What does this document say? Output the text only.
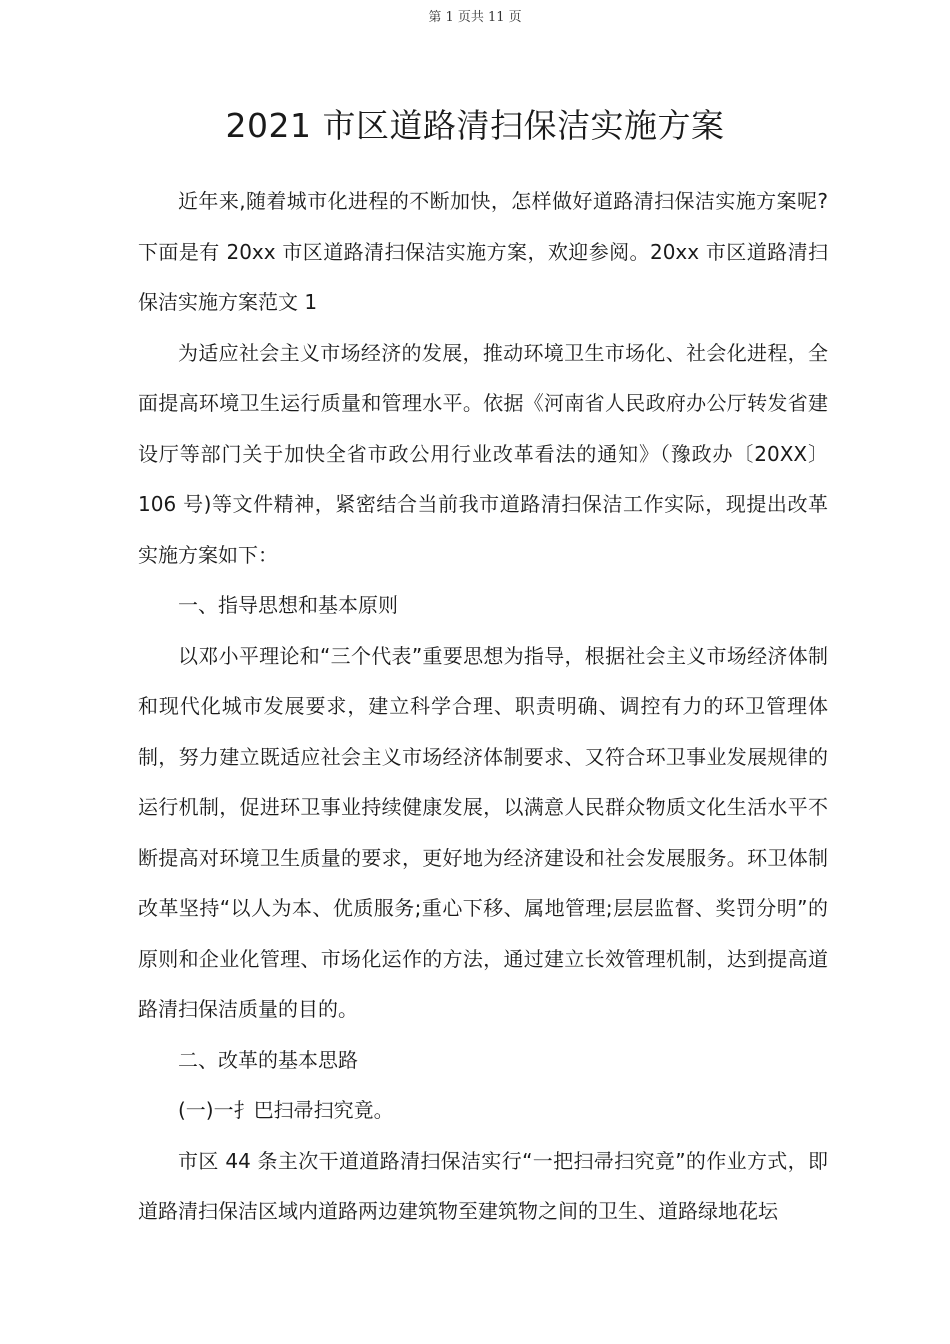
第 1 页共 11 页
2021 市区道路清扫保洁实施方案

近年来,随着城市化进程的不断加快，怎样做好道路清扫保洁实施方案呢?下面是有 20xx 市区道路清扫保洁实施方案，欢迎参阅。20xx 市区道路清扫保洁实施方案范文 1

为适应社会主义市场经济的发展，推动环境卫生市场化、社会化进程，全面提高环境卫生运行质量和管理水平。依据《河南省人民政府办公厅转发省建设厅等部门关于加快全省市政公用行业改革看法的通知》（豫政办〔20XX〕106 号)等文件精神，紧密结合当前我市道路清扫保洁工作实际，现提出改革实施方案如下：

一、指导思想和基本原则

以邓小平理论和“三个代表”重要思想为指导，根据社会主义市场经济体制和现代化城市发展要求，建立科学合理、职责明确、调控有力的环卫管理体制，努力建立既适应社会主义市场经济体制要求、又符合环卫事业发展规律的运行机制，促进环卫事业持续健康发展，以满意人民群众物质文化生活水平不断提高对环境卫生质量的要求，更好地为经济建设和社会发展服务。环卫体制改革坚持“以人为本、优质服务;重心下移、属地管理;层层监督、奖罚分明”的原则和企业化管理、市场化运作的方法，通过建立长效管理机制，达到提高道路清扫保洁质量的目的。

二、改革的基本思路

(一)一扌巴扫帚扫究竟。

市区 44 条主次干道道路清扫保洁实行“一把扫帚扫究竟”的作业方式，即道路清扫保洁区域内道路两边建筑物至建筑物之间的卫生、道路绿地花坛
